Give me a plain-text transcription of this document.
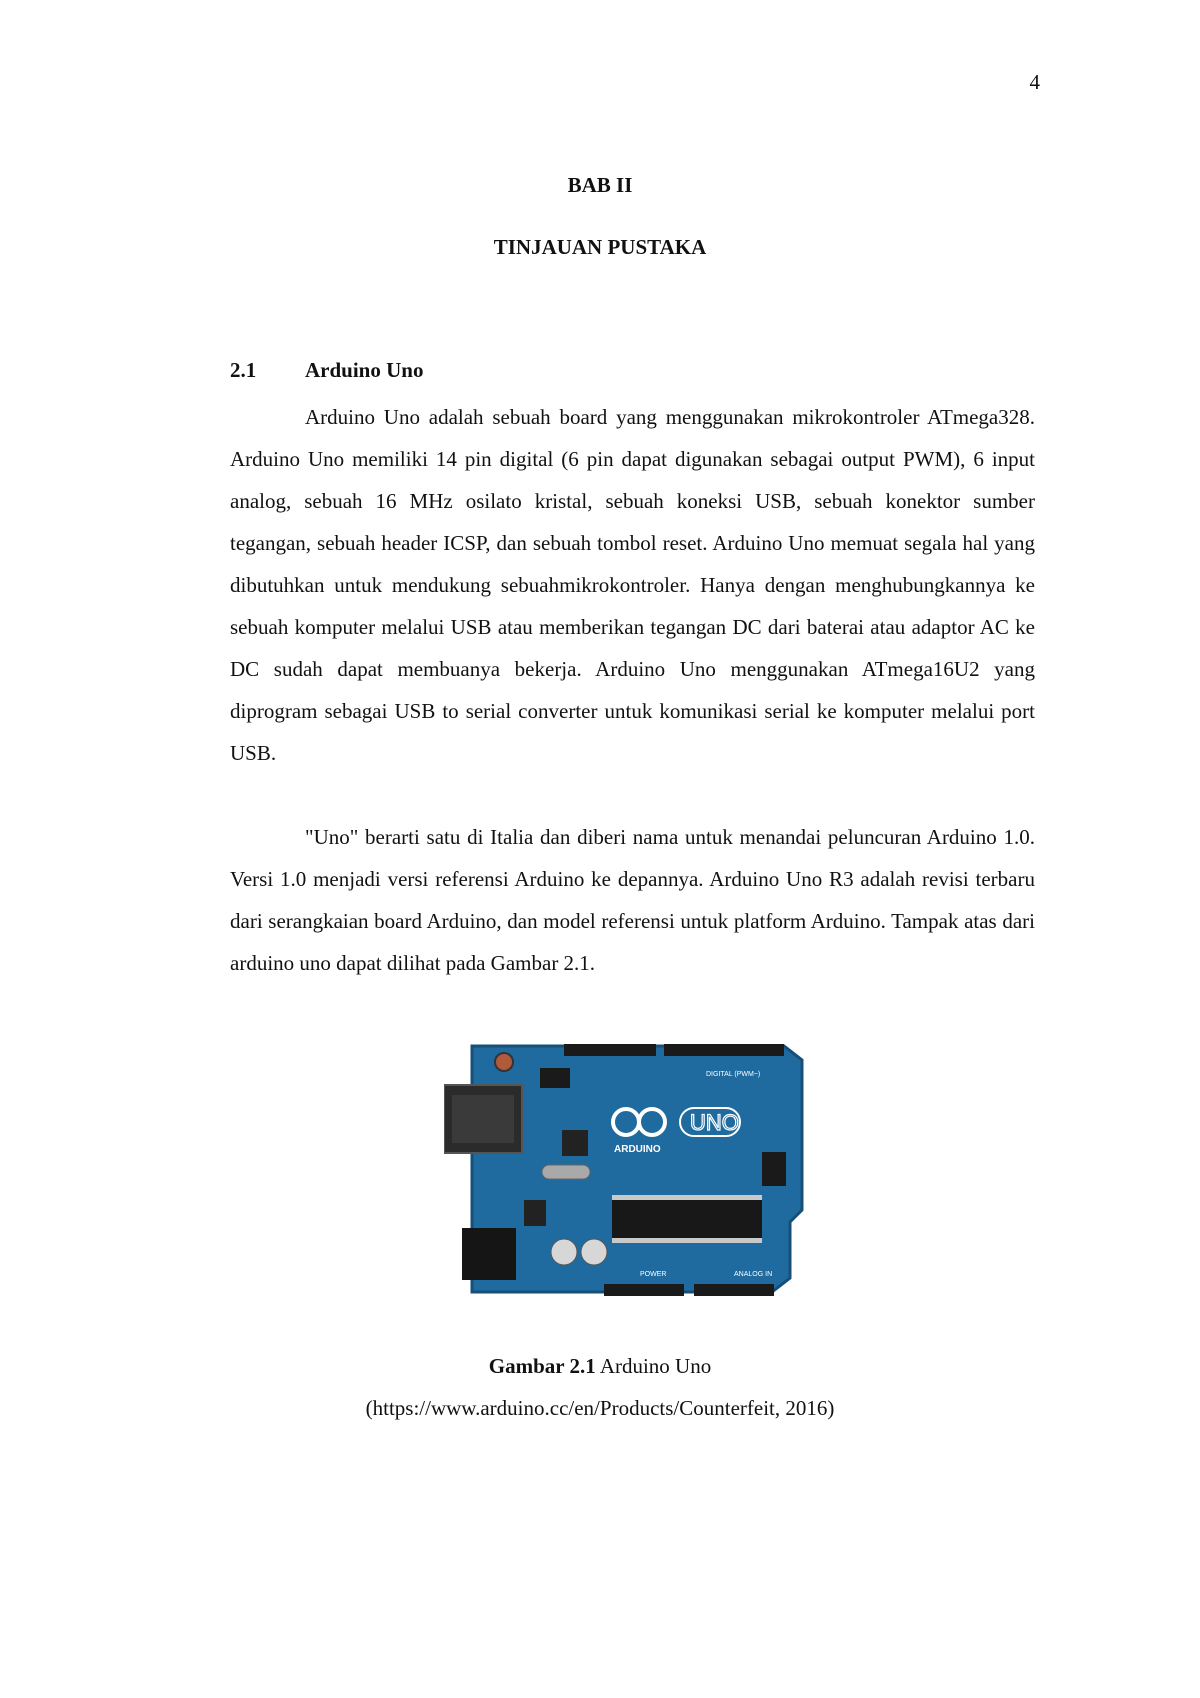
4
BAB II
TINJAUAN PUSTAKA
2.1 Arduino Uno

Arduino Uno adalah sebuah board yang menggunakan mikrokontroler ATmega328. Arduino Uno memiliki 14 pin digital (6 pin dapat digunakan sebagai output PWM), 6 input analog, sebuah 16 MHz osilato kristal, sebuah koneksi USB, sebuah konektor sumber tegangan, sebuah header ICSP, dan sebuah tombol reset. Arduino Uno memuat segala hal yang dibutuhkan untuk mendukung sebuahmikrokontroler. Hanya dengan menghubungkannya ke sebuah komputer melalui USB atau memberikan tegangan DC dari baterai atau adaptor AC ke DC sudah dapat membuanya bekerja. Arduino Uno menggunakan ATmega16U2 yang diprogram sebagai USB to serial converter untuk komunikasi serial ke komputer melalui port USB.

"Uno" berarti satu di Italia dan diberi nama untuk menandai peluncuran Arduino 1.0. Versi 1.0 menjadi versi referensi Arduino ke depannya. Arduino Uno R3 adalah revisi terbaru dari serangkaian board Arduino, dan model referensi untuk platform Arduino. Tampak atas dari arduino uno dapat dilihat pada Gambar 2.1.

UNO
ARDUINO
DIGITAL (PWM~)
POWER	ANALOG IN
Gambar 2.1 Arduino Uno
(https://www.arduino.cc/en/Products/Counterfeit, 2016)
